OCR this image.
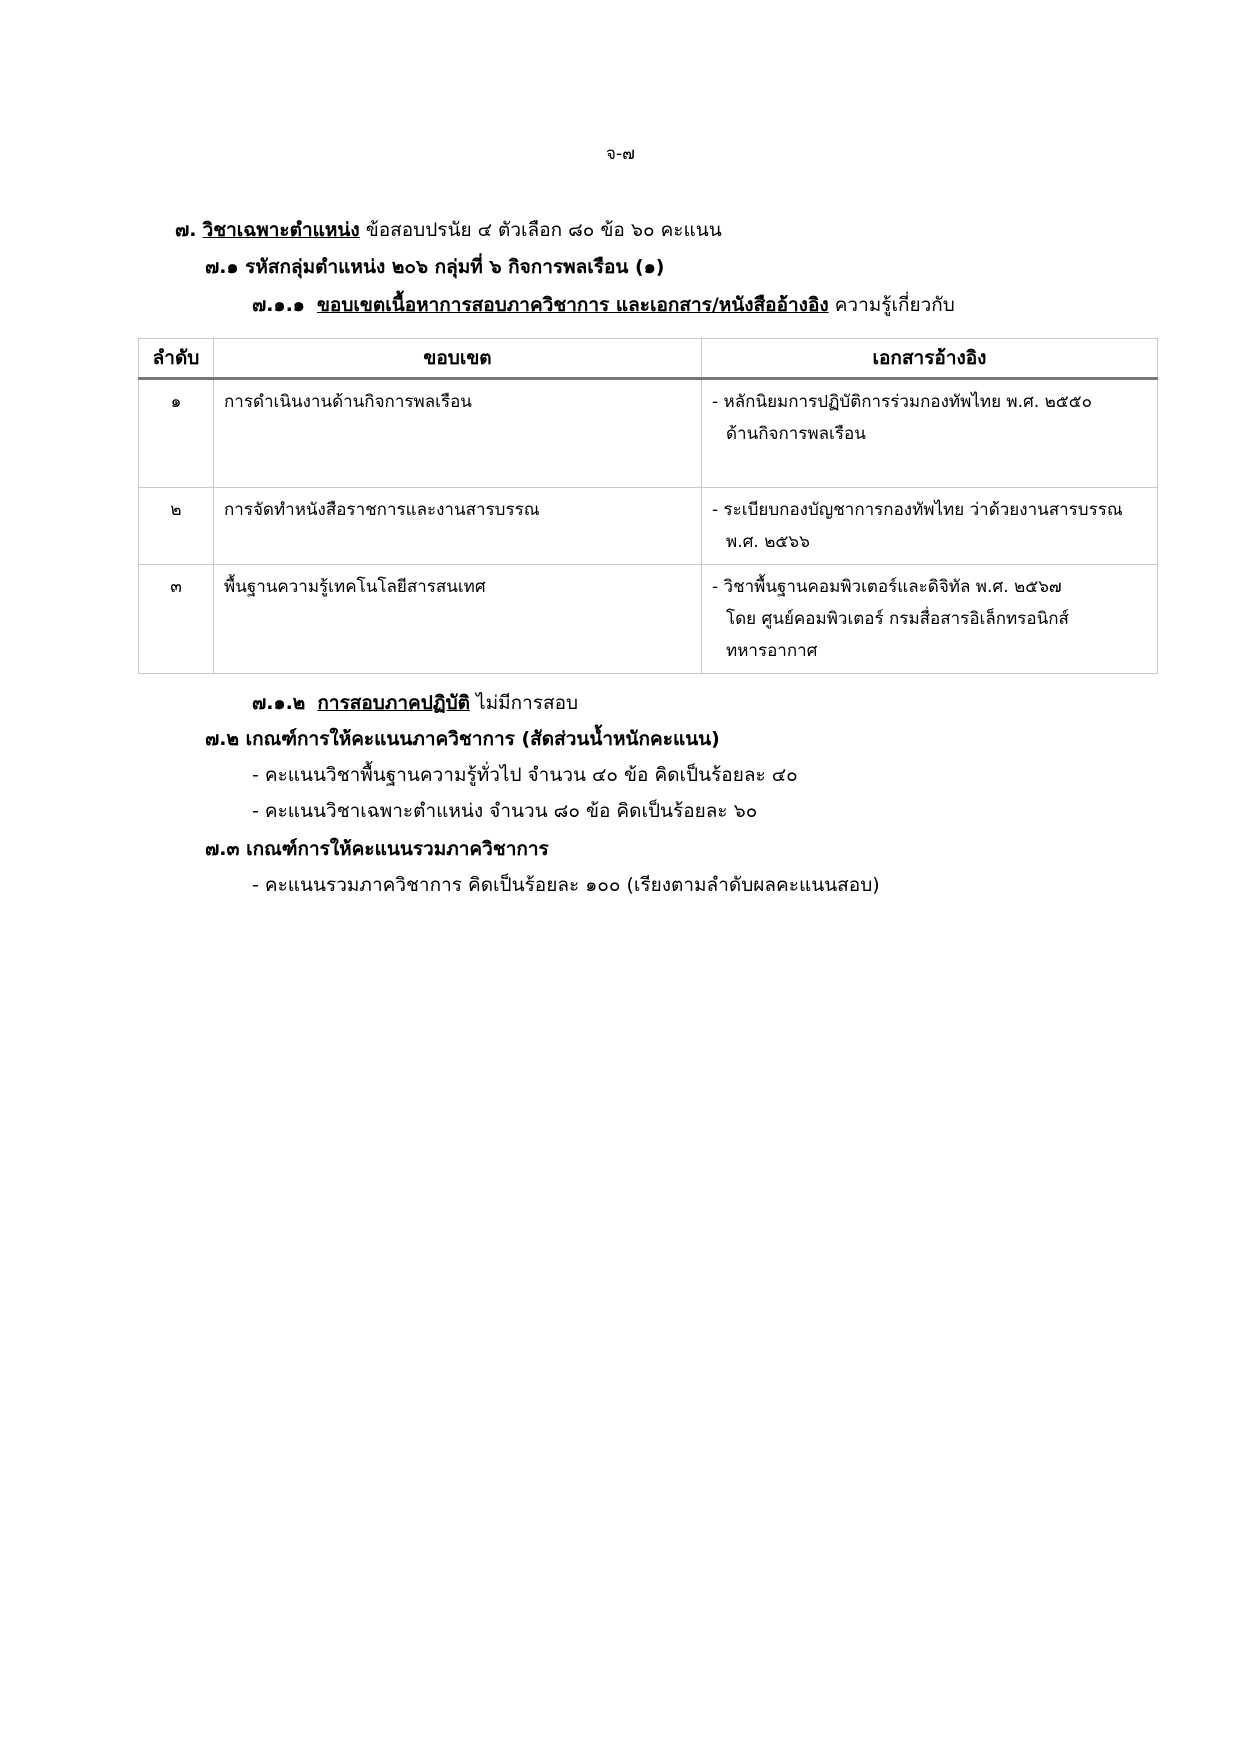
จ-๗
๗. วิชาเฉพาะตำแหน่ง ข้อสอบปรนัย ๔ ตัวเลือก ๘๐ ข้อ ๖๐ คะแนน
๗.๑ รหัสกลุ่มตำแหน่ง ๒๐๖ กลุ่มที่ ๖ กิจการพลเรือน (๑)
๗.๑.๑ ขอบเขตเนื้อหาการสอบภาควิชาการ และเอกสาร/หนังสืออ้างอิง ความรู้เกี่ยวกับ
ลำดับ	ขอบเขต	เอกสารอ้างอิง
๑	การดำเนินงานด้านกิจการพลเรือน	- หลักนิยมการปฏิบัติการร่วมกองทัพไทย พ.ศ. ๒๕๕๐
ด้านกิจการพลเรือน

๒	การจัดทำหนังสือราชการและงานสารบรรณ	- ระเบียบกองบัญชาการกองทัพไทย ว่าด้วยงานสารบรรณ
พ.ศ. ๒๕๖๖

๓	พื้นฐานความรู้เทคโนโลยีสารสนเทศ	- วิชาพื้นฐานคอมพิวเตอร์และดิจิทัล พ.ศ. ๒๕๖๗
โดย ศูนย์คอมพิวเตอร์ กรมสื่อสารอิเล็กทรอนิกส์
ทหารอากาศ
๗.๑.๒ การสอบภาคปฏิบัติ ไม่มีการสอบ
๗.๒ เกณฑ์การให้คะแนนภาควิชาการ (สัดส่วนน้ำหนักคะแนน)
- คะแนนวิชาพื้นฐานความรู้ทั่วไป จำนวน ๔๐ ข้อ คิดเป็นร้อยละ ๔๐
- คะแนนวิชาเฉพาะตำแหน่ง จำนวน ๘๐ ข้อ คิดเป็นร้อยละ ๖๐
๗.๓ เกณฑ์การให้คะแนนรวมภาควิชาการ
- คะแนนรวมภาควิชาการ คิดเป็นร้อยละ ๑๐๐ (เรียงตามลำดับผลคะแนนสอบ)
